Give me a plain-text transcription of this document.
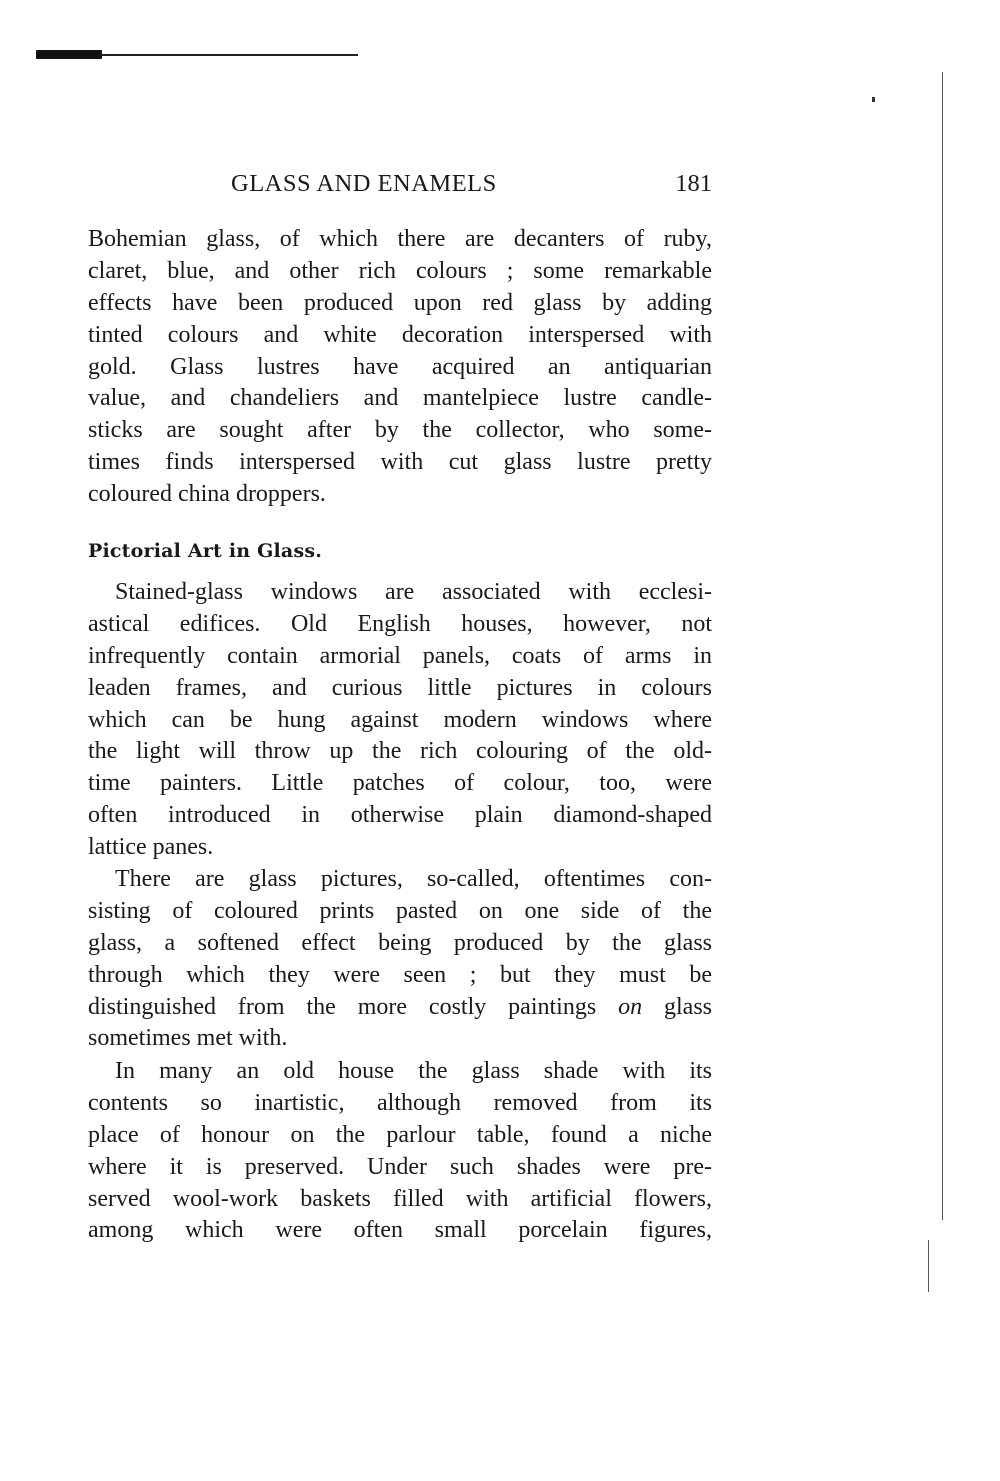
GLASS AND ENAMELS	181
Bohemian glass, of which there are decanters of ruby,
claret, blue, and other rich colours ; some remarkable
effects have been produced upon red glass by adding
tinted colours and white decoration interspersed with
gold. Glass lustres have acquired an antiquarian
value, and chandeliers and mantelpiece lustre candle-
sticks are sought after by the collector, who some-
times finds interspersed with cut glass lustre pretty
coloured china droppers.
Pictorial Art in Glass.
Stained-glass windows are associated with ecclesi-
astical edifices. Old English houses, however, not
infrequently contain armorial panels, coats of arms in
leaden frames, and curious little pictures in colours
which can be hung against modern windows where
the light will throw up the rich colouring of the old-
time painters. Little patches of colour, too, were
often introduced in otherwise plain diamond-shaped
lattice panes.
There are glass pictures, so-called, oftentimes con-
sisting of coloured prints pasted on one side of the
glass, a softened effect being produced by the glass
through which they were seen ; but they must be
distinguished from the more costly paintings on glass
sometimes met with.
In many an old house the glass shade with its
contents so inartistic, although removed from its
place of honour on the parlour table, found a niche
where it is preserved. Under such shades were pre-
served wool-work baskets filled with artificial flowers,
among which were often small porcelain figures,
